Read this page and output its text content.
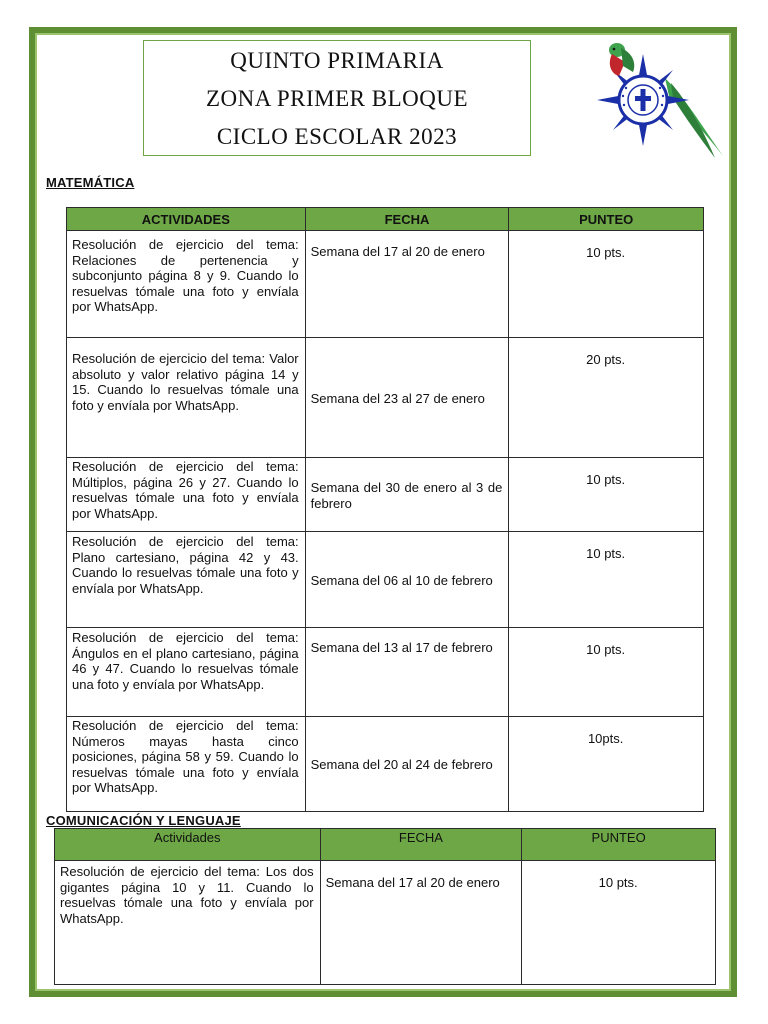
QUINTO PRIMARIA
ZONA PRIMER BLOQUE
CICLO ESCOLAR 2023
MATEMÁTICA
ACTIVIDADES	FECHA	PUNTEO
Resolución de ejercicio del tema: Relaciones de pertenencia y subconjunto página 8 y 9. Cuando lo resuelvas tómale una foto y envíala por WhatsApp.	Semana del 17 al 20 de enero	10 pts.
Resolución de ejercicio del tema: Valor absoluto y valor relativo página 14 y 15. Cuando lo resuelvas tómale una foto y envíala por WhatsApp.	Semana del 23 al 27 de enero	20 pts.
Resolución de ejercicio del tema: Múltiplos, página 26 y 27. Cuando lo resuelvas tómale una foto y envíala por WhatsApp.	Semana del 30 de enero al 3 de febrero	10 pts.
Resolución de ejercicio del tema: Plano cartesiano, página 42 y 43. Cuando lo resuelvas tómale una foto y envíala por WhatsApp.	Semana del 06 al 10 de febrero	10 pts.
Resolución de ejercicio del tema: Ángulos en el plano cartesiano, página 46 y 47. Cuando lo resuelvas tómale una foto y envíala por WhatsApp.	Semana del 13 al 17 de febrero	10 pts.
Resolución de ejercicio del tema: Números mayas hasta cinco posiciones, página 58 y 59. Cuando lo resuelvas tómale una foto y envíala por WhatsApp.	Semana del 20 al 24 de febrero	10pts.
COMUNICACIÓN Y LENGUAJE
Actividades	FECHA	PUNTEO
Resolución de ejercicio del tema: Los dos gigantes página 10 y 11. Cuando lo resuelvas tómale una foto y envíala por WhatsApp.	Semana del 17 al 20 de enero	10 pts.
